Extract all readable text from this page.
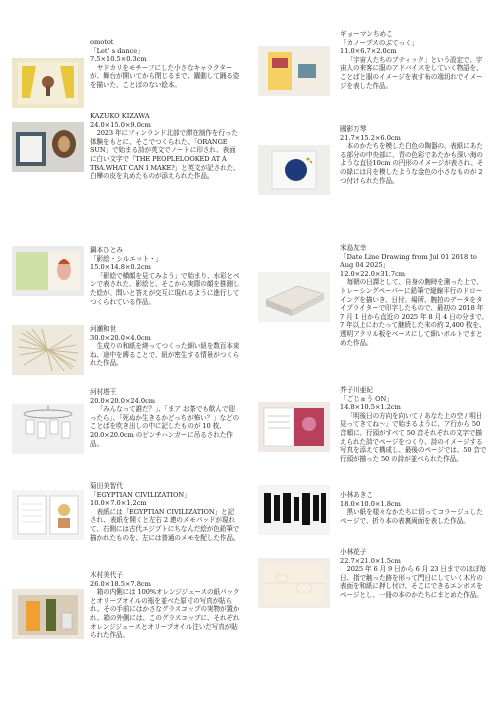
omotot
「Let’ s dance」
7.5×10.5×0.3cm
ヤドカリをモチーフにした小さなキャラクターが、舞台が開いてから閉じるまで、躍動して踊る姿を描いた、ことばのない絵本。
KAZUKO KIZAWA
24.0×15.0×9.0cm
2023 年にフィンランド北部で滞在制作を行った体験をもとに、そこでつくられた、「ORANGE SUN」で始まる詩が英文でノートに印され、表面に白い文字で「THE PEOPLELOOKED AT A TBA.WHAT CAN I MAKE?」と英文が記された、白樺の皮を丸めたものが添えられた作品。
鍋本ひとみ
「影絵・シルエット・」
15.0×14.8×0.2cm
「影絵で横顔を見てみよう」で始まり、水彩とペンで表された、影絵と、そこから実際の顔を推測した絵が、問いと答えが交互に現れるように進行してつくられている作品。
河瀬和世
30.0×20.0×4.0cm
生成りの和紙を縒ってつくった細い紐を数百本束ね、途中を縛ることで、紐が密生する情景がつくられた作品。
河村塔王
20.0×20.0×24.0cm
「みんなって誰だ？」、「まア お茶でも飲んで迎ったら」、「死ぬか生きるかどっちが怖い？」などのことばを吹き出しの中に記したものが 10 枚、20.0×20.0cm のピンチハンガーに吊るされた作品。
菊田美智代
「EGYPTIAN CIVILIZATION」
10.0×7.0×1.2cm
表紙には「EGYPTIAN CIVILIZATION」と記され、表紙を開くと左右 2 連のメモパッドが現れて、右側には古代エジプトにちなんだ絵が色鉛筆で描かれたものを、左には普通のメモを配した作品。
木村美代子
26.0×18.5×7.8cm
箱の内側には 100%オレンジジュースの紙パックとオリーブオイルの瓶を並べた原寸の写真が貼られ、その手前にはかさなグラスコップの実物が置かれ、箱の外側には、このグラスコップに、それぞれオレンジジュースとオリーブオイル注いだ写真が貼られた作品。
ギョーマンちめこ
「カノープスのぶてっく」
11.0×6.7×2.0cm
「宇宙人たちのブティック」という設定で、宇宙人の来客に服のアドバイスをしていく物語を、ことばと服のイメージを表す布の端切れでイメージを表した作品。
國影万琴
21.7×15.2×6.0cm
本のかたちを模した白色の陶器の、表紙にあたる部分の中央部に、青の色彩であたかも深い海のような直径10cm の円形のイメージが表され、その緑には月を模したような金色の小さなものが 2 つ付けられた作品。
米島友幸
「Date Line Drawing from Jul 01 2018 to Aug 04 2025」
12.0×22.0×31.7cm
毎朝の日課として、自身の腕時を測った上で、トレーシングペーパーに鉛筆で縦線平行のドローイングを描いき、日付、場所、腕拍のデータをタイプライターで印字したもので、最初の 2018 年 7 月 1 日から直近の 2025 年 8 月 4 日の分まで、7 年以上にわたって継続した末の約 2,400 枚を、透明アクリル板をベースにして細いボルトでまとめた作品。
芥子川亜紀
「ごじゅう ON」
14.8×10.5×1.2cm
「明後日の方向を向いて / あなた上の空 / 明日見ってきてね〜」で始まるように、ア行から 50 音順に、行頭がすべて 50 音それぞれの文字で揃えられた詩でページをつくり、詩のイメージする写真を添えて構成し、最後のページでは、50 音で行頭が揃った 50 の詩が並べられた作品。
小林あきこ
18.0×10.0×1.8cm
黒い紙を様々なかたちに切ってコラージュしたページで、折り本の表裏両面を表した作品。
小林花子
22.7×21.0×1.5cm
2025 年 6 月 9 日から 6 月 23 日までのほぼ毎日、指で触った跡を形って門日にしていく木片の表面を和紙に押し付け、そこにできるエンボスをページとし、一冊の本のかたちにまとめた作品。
